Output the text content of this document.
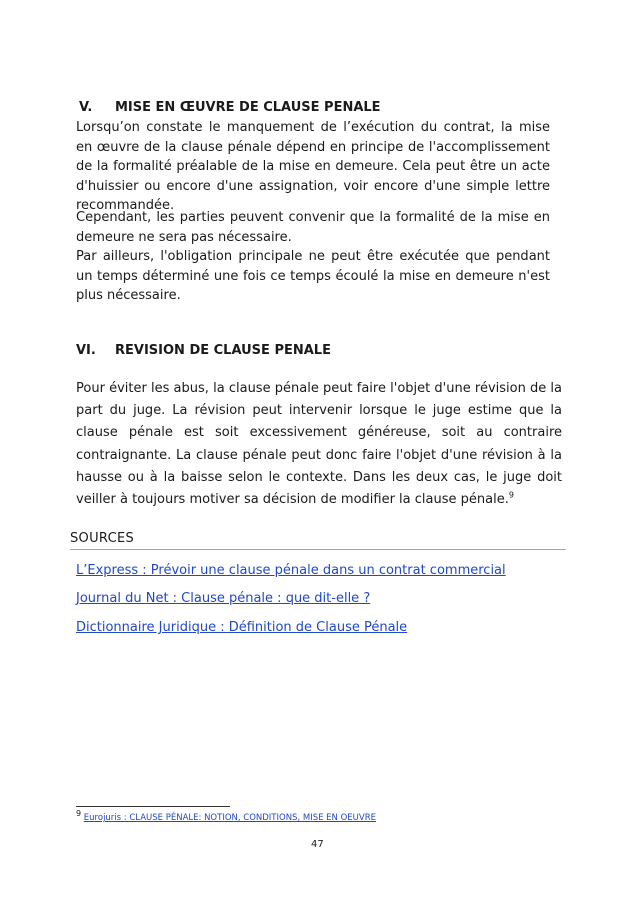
V. MISE EN ŒUVRE DE CLAUSE PENALE

Lorsqu’on constate le manquement de l’exécution du contrat, la mise en œuvre de la clause pénale dépend en principe de l'accomplissement de la formalité préalable de la mise en demeure. Cela peut être un acte d'huissier ou encore d'une assignation, voir encore d'une simple lettre recommandée.

Cependant, les parties peuvent convenir que la formalité de la mise en demeure ne sera pas nécessaire.

Par ailleurs, l'obligation principale ne peut être exécutée que pendant un temps déterminé une fois ce temps écoulé la mise en demeure n'est plus nécessaire.

VI. REVISION DE CLAUSE PENALE

Pour éviter les abus, la clause pénale peut faire l'objet d'une révision de la part du juge. La révision peut intervenir lorsque le juge estime que la clause pénale est soit excessivement généreuse, soit au contraire contraignante. La clause pénale peut donc faire l'objet d'une révision à la hausse ou à la baisse selon le contexte. Dans les deux cas, le juge doit veiller à toujours motiver sa décision de modifier la clause pénale.$^9$

SOURCES
L’Express : Prévoir une clause pénale dans un contrat commercial
Journal du Net : Clause pénale : que dit-elle ?
Dictionnaire Juridique : Définition de Clause Pénale
$^9$ Eurojuris : CLAUSE PÉNALE: NOTION, CONDITIONS, MISE EN OEUVRE
47
